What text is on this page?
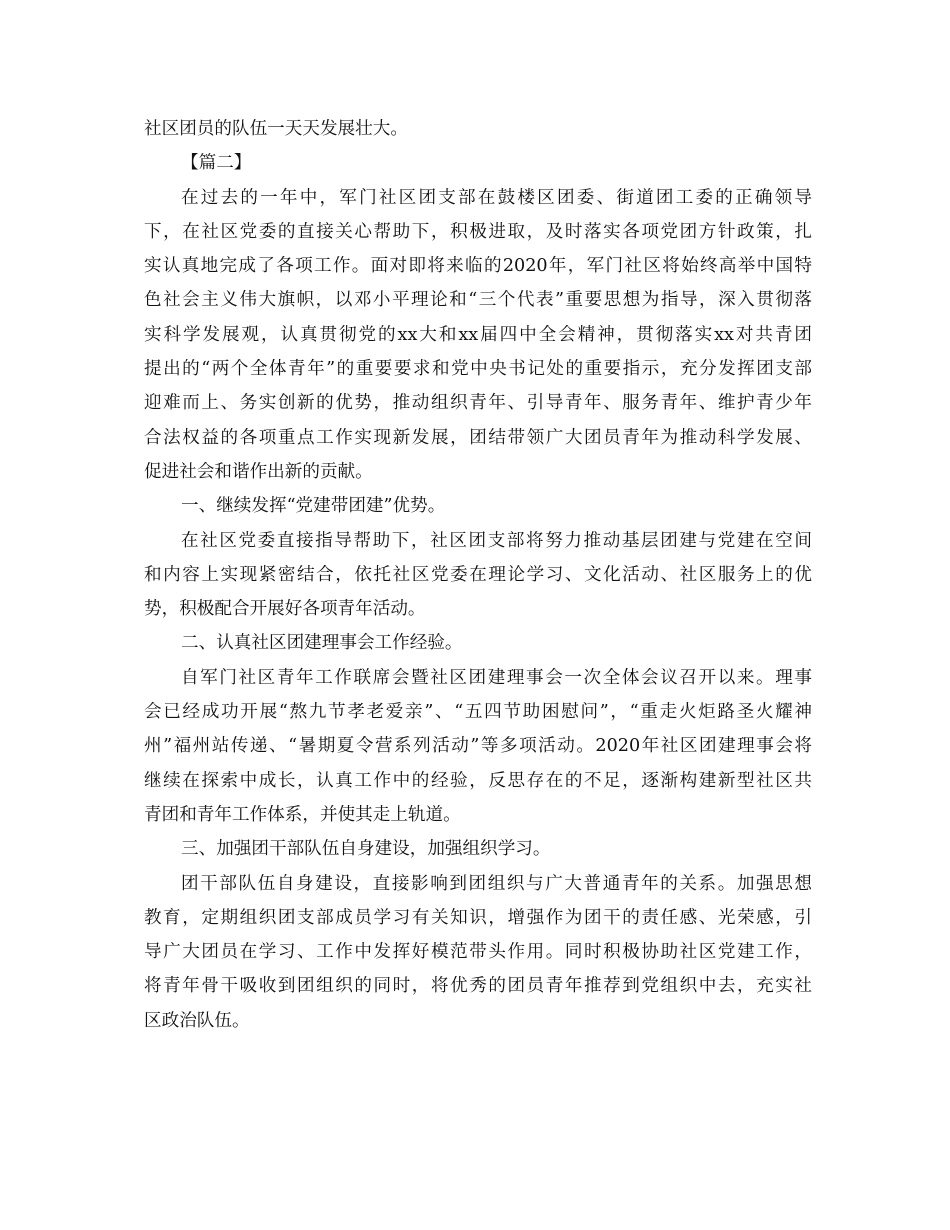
社区团员的队伍一天天发展壮大。
【篇二】
在过去的一年中，军门社区团支部在鼓楼区团委、街道团工委的正确领导
下，在社区党委的直接关心帮助下，积极进取，及时落实各项党团方针政策，扎
实认真地完成了各项工作。面对即将来临的2020年，军门社区将始终高举中国特
色社会主义伟大旗帜，以邓小平理论和“三个代表”重要思想为指导，深入贯彻落
实科学发展观，认真贯彻党的xx大和xx届四中全会精神，贯彻落实xx对共青团
提出的“两个全体青年”的重要要求和党中央书记处的重要指示，充分发挥团支部
迎难而上、务实创新的优势，推动组织青年、引导青年、服务青年、维护青少年
合法权益的各项重点工作实现新发展，团结带领广大团员青年为推动科学发展、
促进社会和谐作出新的贡献。
一、继续发挥“党建带团建”优势。
在社区党委直接指导帮助下，社区团支部将努力推动基层团建与党建在空间
和内容上实现紧密结合，依托社区党委在理论学习、文化活动、社区服务上的优
势，积极配合开展好各项青年活动。
二、认真社区团建理事会工作经验。
自军门社区青年工作联席会暨社区团建理事会一次全体会议召开以来。理事
会已经成功开展“熬九节孝老爱亲”、“五四节助困慰问”，“重走火炬路圣火耀神
州”福州站传递、“暑期夏令营系列活动”等多项活动。2020年社区团建理事会将
继续在探索中成长，认真工作中的经验，反思存在的不足，逐渐构建新型社区共
青团和青年工作体系，并使其走上轨道。
三、加强团干部队伍自身建设，加强组织学习。
团干部队伍自身建设，直接影响到团组织与广大普通青年的关系。加强思想
教育，定期组织团支部成员学习有关知识，增强作为团干的责任感、光荣感，引
导广大团员在学习、工作中发挥好模范带头作用。同时积极协助社区党建工作，
将青年骨干吸收到团组织的同时，将优秀的团员青年推荐到党组织中去，充实社
区政治队伍。
